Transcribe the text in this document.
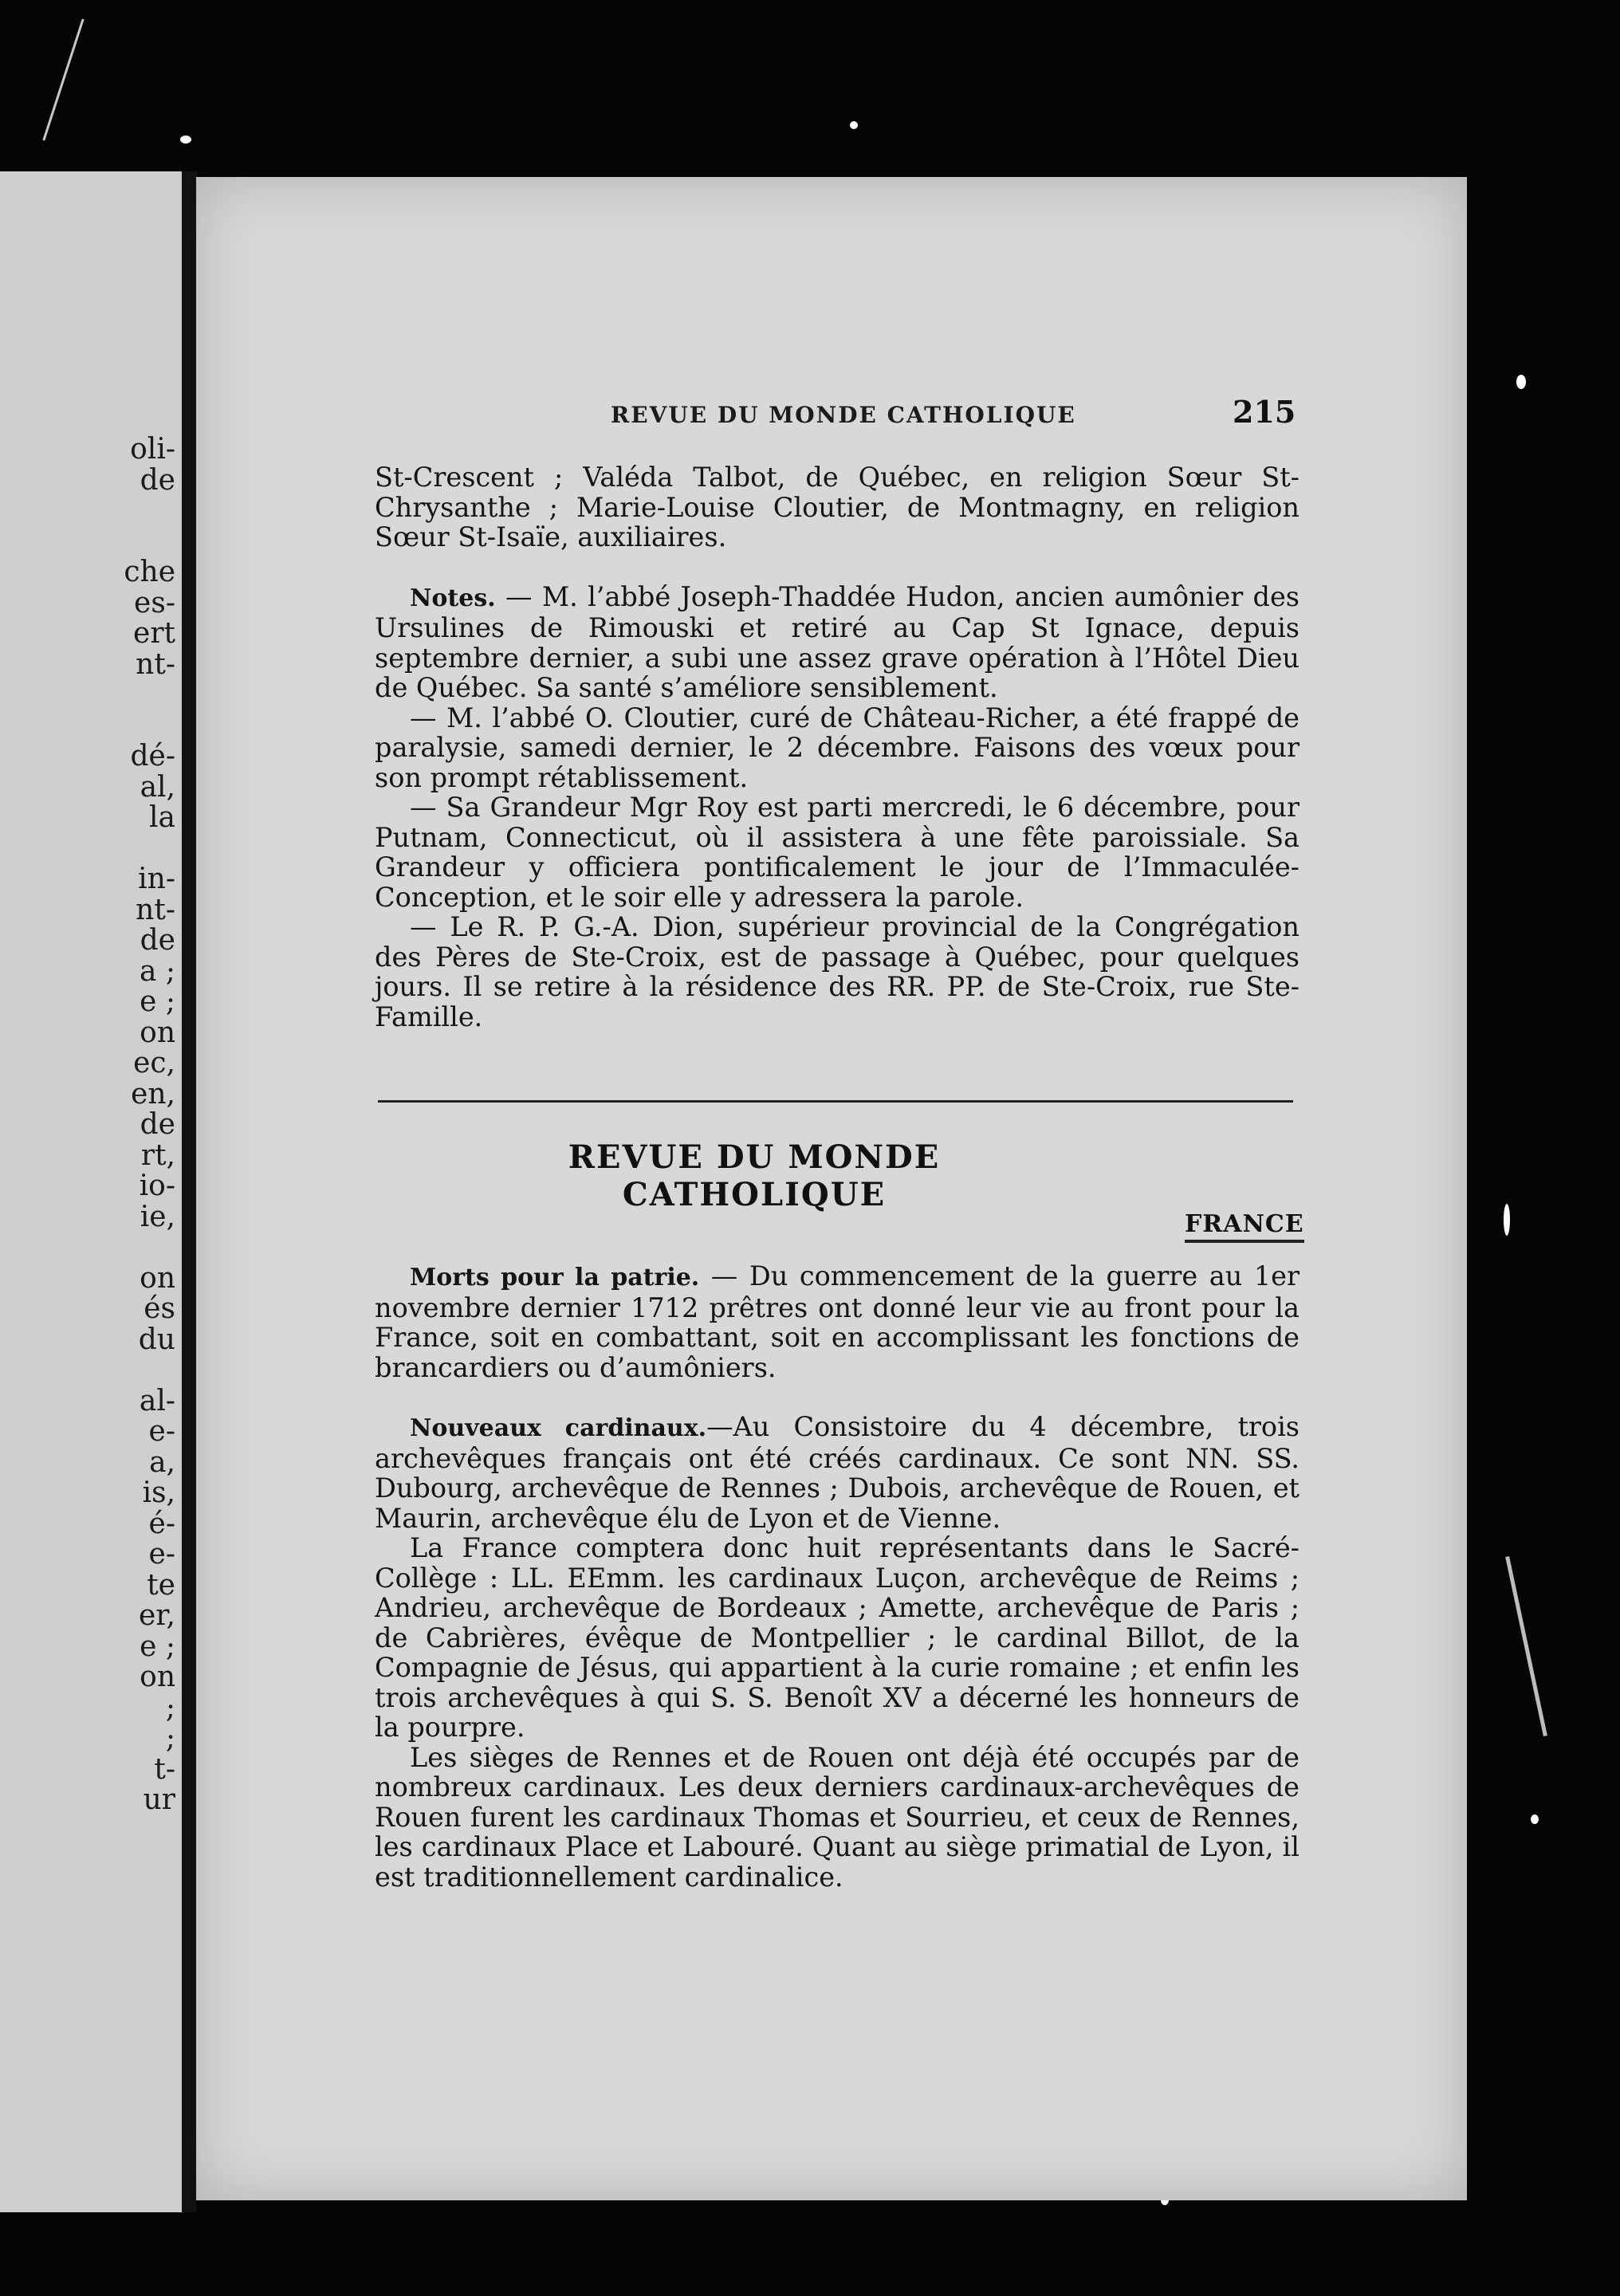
oli-
de
che
es-
ert
nt-
dé-
al,
la
in-
nt-
de
a ;
e ;
on
ec,
en,
de
rt,
io-
ie,
on
és
du
al-
e-
a,
is,
é-
e-
te
er,
e ;
on
;
;
t-
ur
REVUE DU MONDE CATHOLIQUE	215

St-Crescent ; Valéda Talbot, de Québec, en religion Sœur St-Chrysanthe ; Marie-Louise Cloutier, de Montmagny, en religion Sœur St-Isaïe, auxiliaires.

Notes. — M. l’abbé Joseph-Thaddée Hudon, ancien aumônier des Ursulines de Rimouski et retiré au Cap St Ignace, depuis septembre dernier, a subi une assez grave opération à l’Hôtel Dieu de Québec. Sa santé s’améliore sensiblement.

— M. l’abbé O. Cloutier, curé de Château-Richer, a été frappé de paralysie, samedi dernier, le 2 décembre. Faisons des vœux pour son prompt rétablissement.

— Sa Grandeur Mgr Roy est parti mercredi, le 6 décembre, pour Putnam, Connecticut, où il assistera à une fête paroissiale. Sa Grandeur y officiera pontificalement le jour de l’Immaculée-Conception, et le soir elle y adressera la parole.

— Le R. P. G.-A. Dion, supérieur provincial de la Congrégation des Pères de Ste-Croix, est de passage à Québec, pour quelques jours. Il se retire à la résidence des RR. PP. de Ste-Croix, rue Ste-Famille.

REVUE DU MONDE CATHOLIQUE
FRANCE

Morts pour la patrie. — Du commencement de la guerre au 1er novembre dernier 1712 prêtres ont donné leur vie au front pour la France, soit en combattant, soit en accomplissant les fonctions de brancardiers ou d’aumôniers.

Nouveaux cardinaux.—Au Consistoire du 4 décembre, trois archevêques français ont été créés cardinaux. Ce sont NN. SS. Dubourg, archevêque de Rennes ; Dubois, archevêque de Rouen, et Maurin, archevêque élu de Lyon et de Vienne.

La France comptera donc huit représentants dans le Sacré-Collège : LL. EEmm. les cardinaux Luçon, archevêque de Reims ; Andrieu, archevêque de Bordeaux ; Amette, archevêque de Paris ; de Cabrières, évêque de Montpellier ; le cardinal Billot, de la Compagnie de Jésus, qui appartient à la curie romaine ; et enfin les trois archevêques à qui S. S. Benoît XV a décerné les honneurs de la pourpre.

Les sièges de Rennes et de Rouen ont déjà été occupés par de nombreux cardinaux. Les deux derniers cardinaux-archevêques de Rouen furent les cardinaux Thomas et Sourrieu, et ceux de Rennes, les cardinaux Place et Labouré. Quant au siège primatial de Lyon, il est traditionnellement cardinalice.
